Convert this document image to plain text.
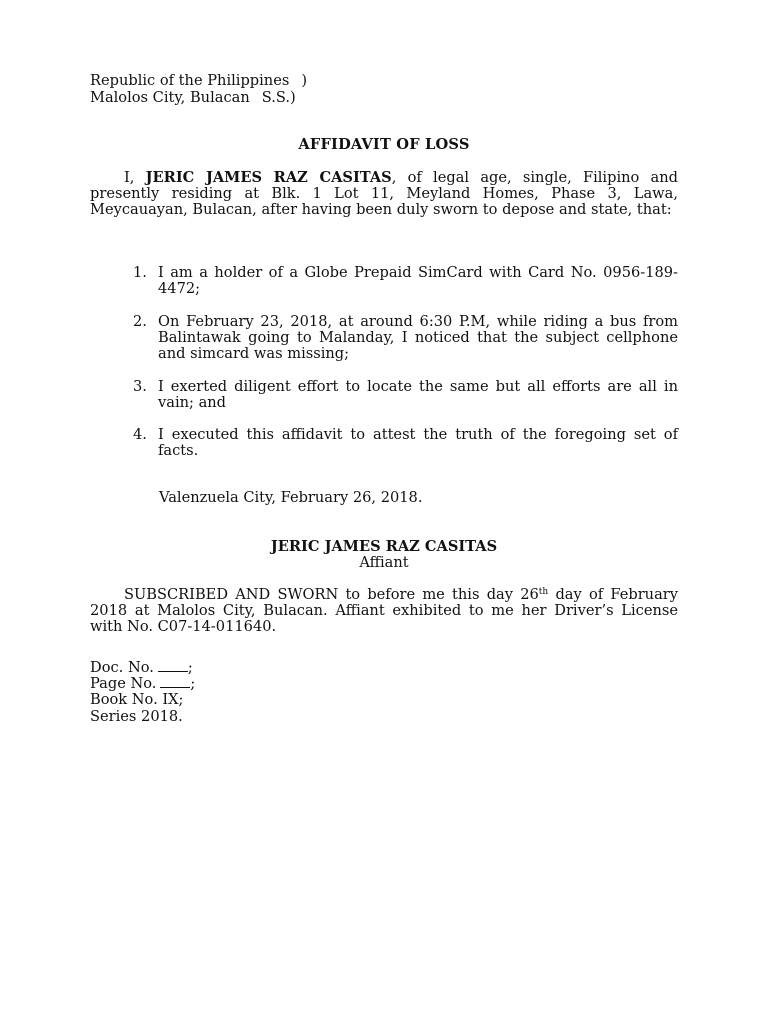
Republic of the Philippines )
Malolos City, Bulacan S.S.)
AFFIDAVIT OF LOSS
I, JERIC JAMES RAZ CASITAS, of legal age, single, Filipino and presently residing at Blk. 1 Lot 11, Meyland Homes, Phase 3, Lawa, Meycauayan, Bulacan, after having been duly sworn to depose and state, that:
1. I am a holder of a Globe Prepaid SimCard with Card No. 0956-189-4472;
2. On February 23, 2018, at around 6:30 P.M, while riding a bus from Balintawak going to Malanday, I noticed that the subject cellphone and simcard was missing;
3. I exerted diligent effort to locate the same but all efforts are all in vain; and
4. I executed this affidavit to attest the truth of the foregoing set of facts.
Valenzuela City, February 26, 2018.
JERIC JAMES RAZ CASITAS
Affiant
SUBSCRIBED AND SWORN to before me this day 26th day of February 2018 at Malolos City, Bulacan. Affiant exhibited to me her Driver’s License with No. C07-14-011640.
Doc. No. ;
Page No. ;
Book No. IX;
Series 2018.
